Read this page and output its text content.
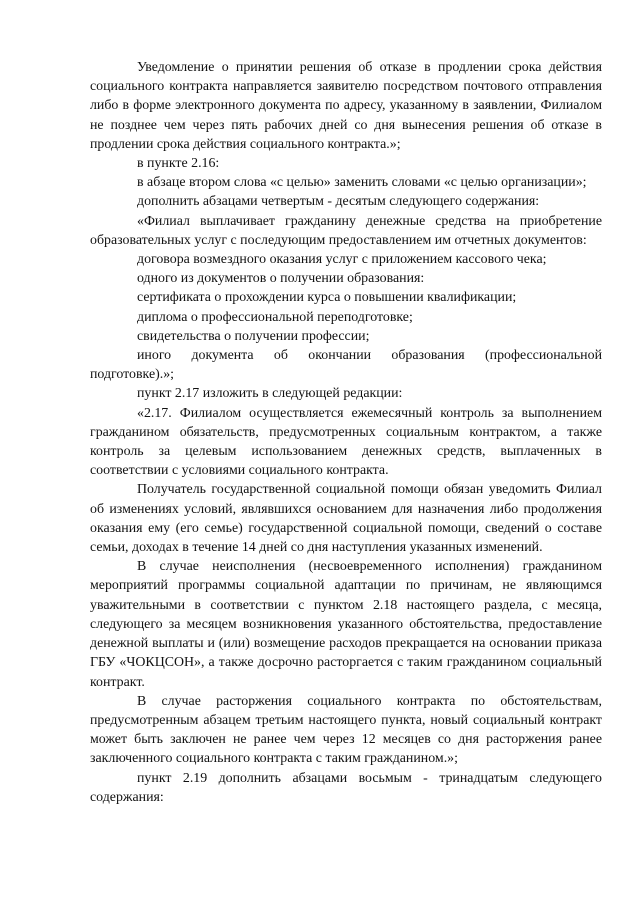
Уведомление о принятии решения об отказе в продлении срока действия социального контракта направляется заявителю посредством почтового отправления либо в форме электронного документа по адресу, указанному в заявлении, Филиалом не позднее чем через пять рабочих дней со дня вынесения решения об отказе в продлении срока действия социального контракта.»;

в пункте 2.16:

в абзаце втором слова «с целью» заменить словами «с целью организации»;

дополнить абзацами четвертым - десятым следующего содержания:

«Филиал выплачивает гражданину денежные средства на приобретение образовательных услуг с последующим предоставлением им отчетных документов:

договора возмездного оказания услуг с приложением кассового чека;

одного из документов о получении образования:

сертификата о прохождении курса о повышении квалификации;

диплома о профессиональной переподготовке;

свидетельства о получении профессии;

иного документа об окончании образования (профессиональной подготовке).»;

пункт 2.17 изложить в следующей редакции:

«2.17. Филиалом осуществляется ежемесячный контроль за выполнением гражданином обязательств, предусмотренных социальным контрактом, а также контроль за целевым использованием денежных средств, выплаченных в соответствии с условиями социального контракта.

Получатель государственной социальной помощи обязан уведомить Филиал об изменениях условий, являвшихся основанием для назначения либо продолжения оказания ему (его семье) государственной социальной помощи, сведений о составе семьи, доходах в течение 14 дней со дня наступления указанных изменений.

В случае неисполнения (несвоевременного исполнения) гражданином мероприятий программы социальной адаптации по причинам, не являющимся уважительными в соответствии с пунктом 2.18 настоящего раздела, с месяца, следующего за месяцем возникновения указанного обстоятельства, предоставление денежной выплаты и (или) возмещение расходов прекращается на основании приказа ГБУ «ЧОКЦСОН», а также досрочно расторгается с таким гражданином социальный контракт.

В случае расторжения социального контракта по обстоятельствам, предусмотренным абзацем третьим настоящего пункта, новый социальный контракт может быть заключен не ранее чем через 12 месяцев со дня расторжения ранее заключенного социального контракта с таким гражданином.»;

пункт 2.19 дополнить абзацами восьмым - тринадцатым следующего содержания:
